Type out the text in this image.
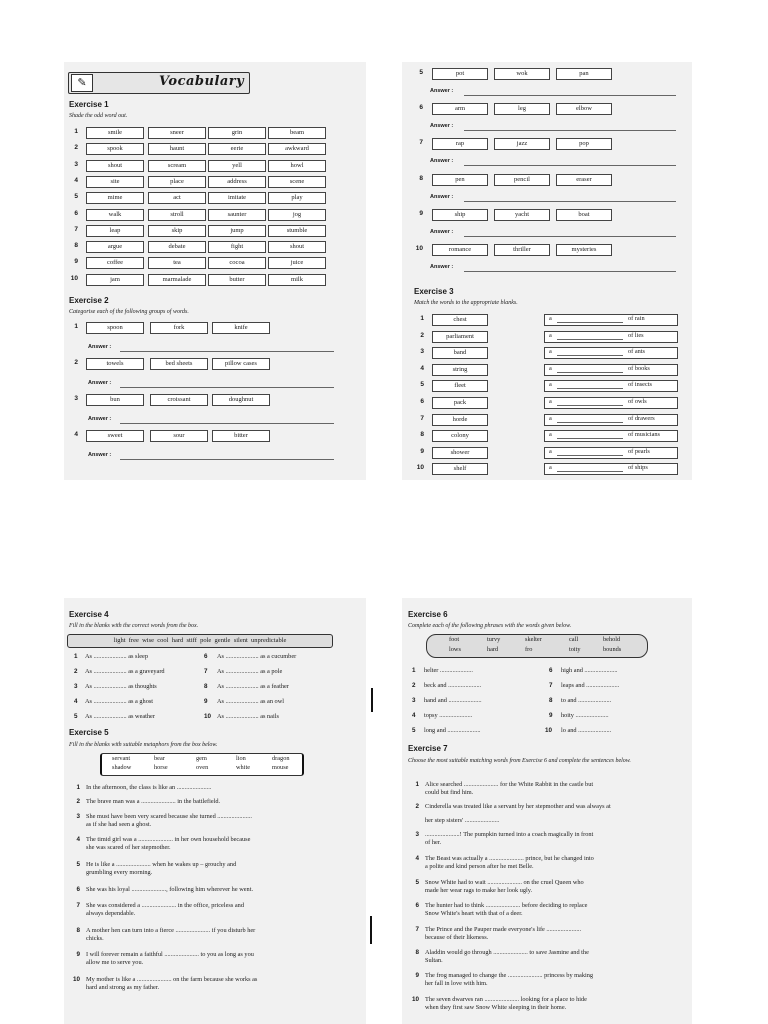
✎	Vocabulary
Exercise 1
Shade the odd word out.
1	smile	sneer	grin	beam
2	spook	haunt	eerie	awkward
3	shout	scream	yell	howl
4	site	place	address	scene
5	mime	act	imitate	play
6	walk	stroll	saunter	jog
7	leap	skip	jump	stumble
8	argue	debate	fight	shout
9	coffee	tea	cocoa	juice
10	jam	marmalade	butter	milk
Exercise 2
Categorise each of the following groups of words.
1	spoon	fork	knife
Answer :
2	towels	bed sheets	pillow cases
Answer :
3	bun	croissant	doughnut
Answer :
4	sweet	sour	bitter
Answer :
5	pot	wok	pan
Answer :
6	arm	leg	elbow
Answer :
7	rap	jazz	pop
Answer :
8	pen	pencil	eraser
Answer :
9	ship	yacht	boat
Answer :
10	romance	thriller	mysteries
Answer :
Exercise 3
Match the words to the appropriate blanks.
1	chest	a	of rain
2	parliament	a	of lies
3	band	a	of ants
4	string	a	of books
5	fleet	a	of insects
6	pack	a	of owls
7	horde	a	of drawers
8	colony	a	of musicians
9	shower	a	of pearls
10	shelf	a	of ships
Exercise 4
Fill in the blanks with the correct words from the box.
light  free  wise  cool  hard  stiff  pole  gentle  silent  unpredictable
1 As ..................... as sleep
2 As ..................... as a graveyard
3 As ..................... as thoughts
4 As ..................... as a ghost
5 As ..................... as weather
6 As ..................... as a cucumber
7 As ..................... as a pole
8 As ..................... as a feather
9 As ..................... as an owl
10 As ..................... as nails
Exercise 5
Fill in the blanks with suitable metaphors from the box below.
servant	bear	gem	lion	dragon
shadow	horse	oven	white	mouse
1 In the afternoon, the class is like an ......................
2 The brave man was a ...................... in the battlefield.
3 She must have been very scared because she turned ......................
as if she had seen a ghost.
4 The timid girl was a ...................... in her own household because
she was scared of her stepmother.
5 He is like a ...................... when he wakes up – grouchy and
grumbling every morning.
6 She was his loyal ......................, following him wherever he went.
7 She was considered a ...................... in the office, priceless and
always dependable.
8 A mother hen can turn into a fierce ...................... if you disturb her
chicks.
9 I will forever remain a faithful ...................... to you as long as you
allow me to serve you.
10 My mother is like a ...................... on the farm because she works as
hard and strong as my father.
Exercise 6
Complete each of the following phrases with the words given below.
foot	turvy	skelter	call	behold
lows	hard	fro	toity	bounds
1 helter .....................
2 beck and .....................
3 hand and .....................
4 topsy .....................
5 long and .....................
6 high and .....................
7 leaps and .....................
8 to and .....................
9 hoity .....................
10 lo and .....................
Exercise 7
Choose the most suitable matching words from Exercise 6 and complete the sentences below.
1 Alice searched ...................... for the White Rabbit in the castle but
could but find him.
2 Cinderella was treated like a servant by her stepmother and was always at
her step sisters' ......................
3 ......................! The pumpkin turned into a coach magically in front
of her.
4 The Beast was actually a ...................... prince, but he changed into
a polite and kind person after he met Belle.
5 Snow White had to wait ...................... on the cruel Queen who
made her wear rags to make her look ugly.
6 The hunter had to think ...................... before deciding to replace
Snow White's heart with that of a deer.
7 The Prince and the Pauper made everyone's life ......................
because of their likeness.
8 Aladdin would go through ...................... to save Jasmine and the
Sultan.
9 The frog managed to change the ...................... princess by making
her fall in love with him.
10 The seven dwarves ran ...................... looking for a place to hide
when they first saw Snow White sleeping in their home.
